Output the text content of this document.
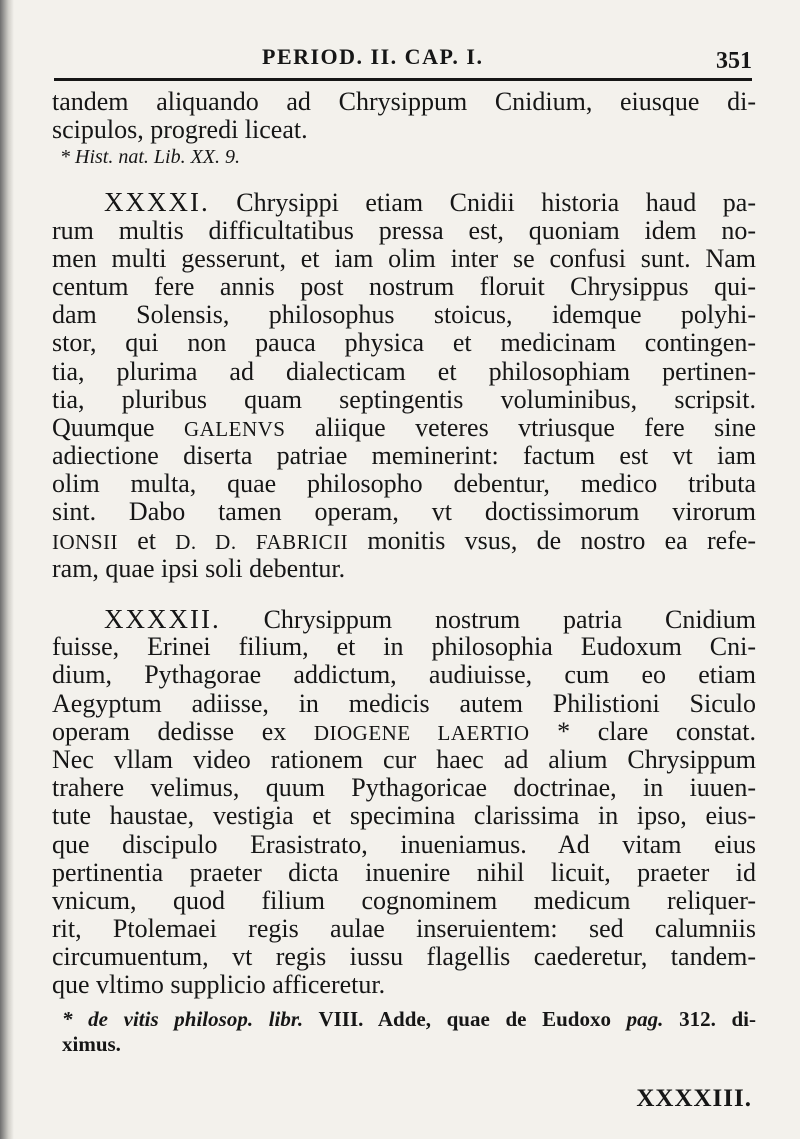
PERIOD. II. CAP. I.	351
tandem aliquando ad Chrysippum Cnidium, eiusque di-
scipulos, progredi liceat.
* Hist. nat. Lib. XX. 9.
XXXXI. Chrysippi etiam Cnidii historia haud pa-
rum multis difficultatibus pressa est, quoniam idem no-
men multi gesserunt, et iam olim inter se confusi sunt. Nam
centum fere annis post nostrum floruit Chrysippus qui-
dam Solensis, philosophus stoicus, idemque polyhi-
stor, qui non pauca physica et medicinam contingen-
tia, plurima ad dialecticam et philosophiam pertinen-
tia, pluribus quam septingentis voluminibus, scripsit.
Quumque GALENVS aliique veteres vtriusque fere sine
adiectione diserta patriae meminerint: factum est vt iam
olim multa, quae philosopho debentur, medico tributa
sint. Dabo tamen operam, vt doctissimorum virorum
IONSII et D. D. FABRICII monitis vsus, de nostro ea refe-
ram, quae ipsi soli debentur.
XXXXII. Chrysippum nostrum patria Cnidium
fuisse, Erinei filium, et in philosophia Eudoxum Cni-
dium, Pythagorae addictum, audiuisse, cum eo etiam
Aegyptum adiisse, in medicis autem Philistioni Siculo
operam dedisse ex DIOGENE LAERTIO * clare constat.
Nec vllam video rationem cur haec ad alium Chrysippum
trahere velimus, quum Pythagoricae doctrinae, in iuuen-
tute haustae, vestigia et specimina clarissima in ipso, eius-
que discipulo Erasistrato, inueniamus. Ad vitam eius
pertinentia praeter dicta inuenire nihil licuit, praeter id
vnicum, quod filium cognominem medicum reliquer-
rit, Ptolemaei regis aulae inseruientem: sed calumniis
circumuentum, vt regis iussu flagellis caederetur, tandem-
que vltimo supplicio afficeretur.
* de vitis philosop. libr. VIII. Adde, quae de Eudoxo pag. 312. di-
ximus.
XXXXIII.
